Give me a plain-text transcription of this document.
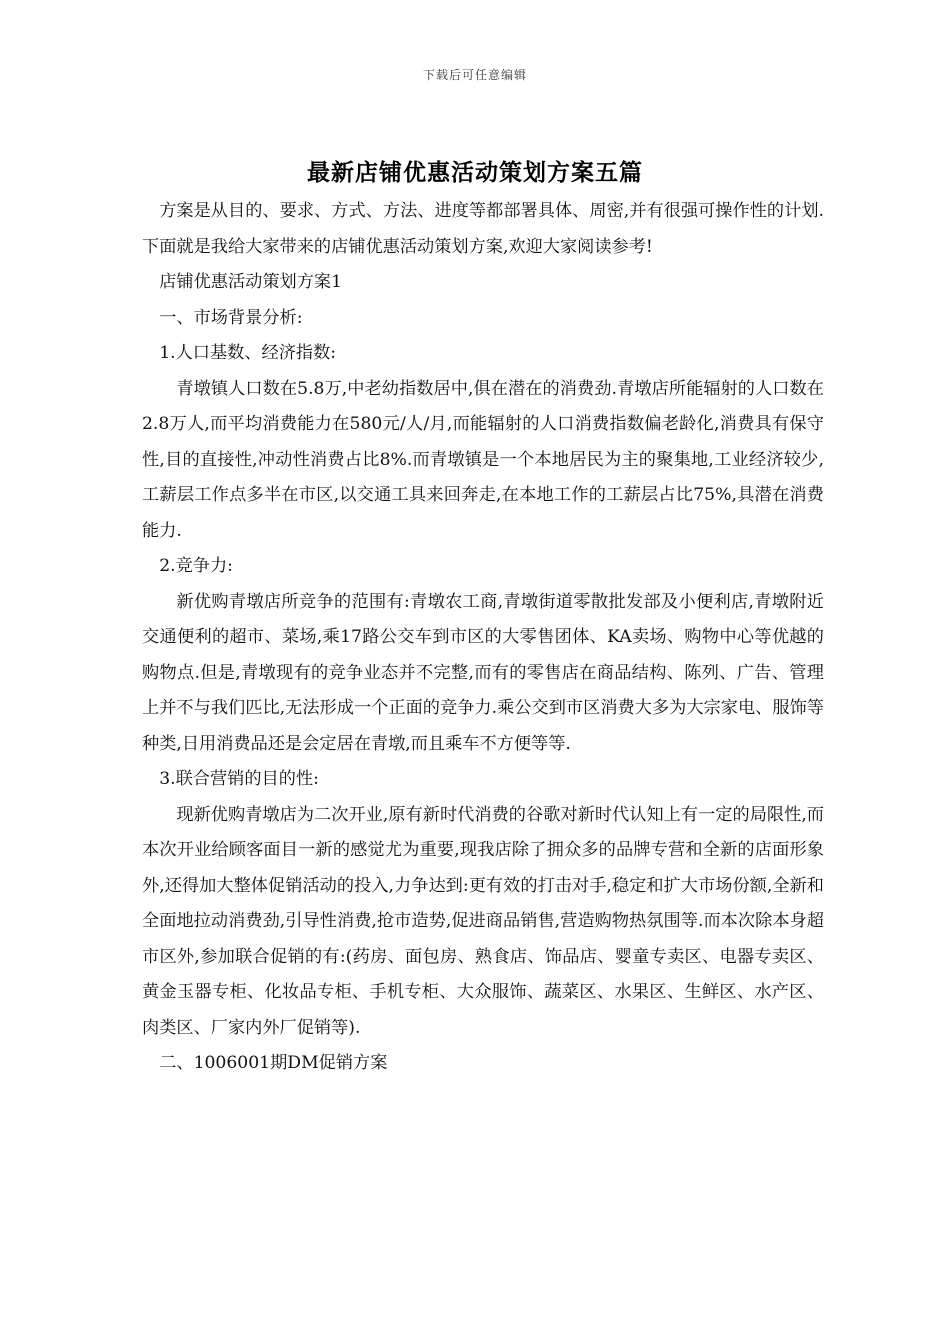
下载后可任意编辑
最新店铺优惠活动策划方案五篇

方案是从目的、要求、方式、方法、进度等都部署具体、周密,并有很强可操作性的计划.下面就是我给大家带来的店铺优惠活动策划方案,欢迎大家阅读参考!

店铺优惠活动策划方案1

一、市场背景分析:

1.人口基数、经济指数:

青墩镇人口数在5.8万,中老幼指数居中,俱在潜在的消费劲.青墩店所能辐射的人口数在2.8万人,而平均消费能力在580元/人/月,而能辐射的人口消费指数偏老龄化,消费具有保守性,目的直接性,冲动性消费占比8%.而青墩镇是一个本地居民为主的聚集地,工业经济较少,工薪层工作点多半在市区,以交通工具来回奔走,在本地工作的工薪层占比75%,具潜在消费能力.

2.竞争力:

新优购青墩店所竞争的范围有:青墩农工商,青墩街道零散批发部及小便利店,青墩附近交通便利的超市、菜场,乘17路公交车到市区的大零售团体、KA卖场、购物中心等优越的购物点.但是,青墩现有的竞争业态并不完整,而有的零售店在商品结构、陈列、广告、管理上并不与我们匹比,无法形成一个正面的竞争力.乘公交到市区消费大多为大宗家电、服饰等种类,日用消费品还是会定居在青墩,而且乘车不方便等等.

3.联合营销的目的性:

现新优购青墩店为二次开业,原有新时代消费的谷歌对新时代认知上有一定的局限性,而本次开业给顾客面目一新的感觉尤为重要,现我店除了拥众多的品牌专营和全新的店面形象外,还得加大整体促销活动的投入,力争达到:更有效的打击对手,稳定和扩大市场份额,全新和全面地拉动消费劲,引导性消费,抢市造势,促进商品销售,营造购物热氛围等.而本次除本身超市区外,参加联合促销的有:(药房、面包房、熟食店、饰品店、婴童专卖区、电器专卖区、黄金玉器专柜、化妆品专柜、手机专柜、大众服饰、蔬菜区、水果区、生鲜区、水产区、肉类区、厂家内外厂促销等).

二、1006001期DM促销方案
